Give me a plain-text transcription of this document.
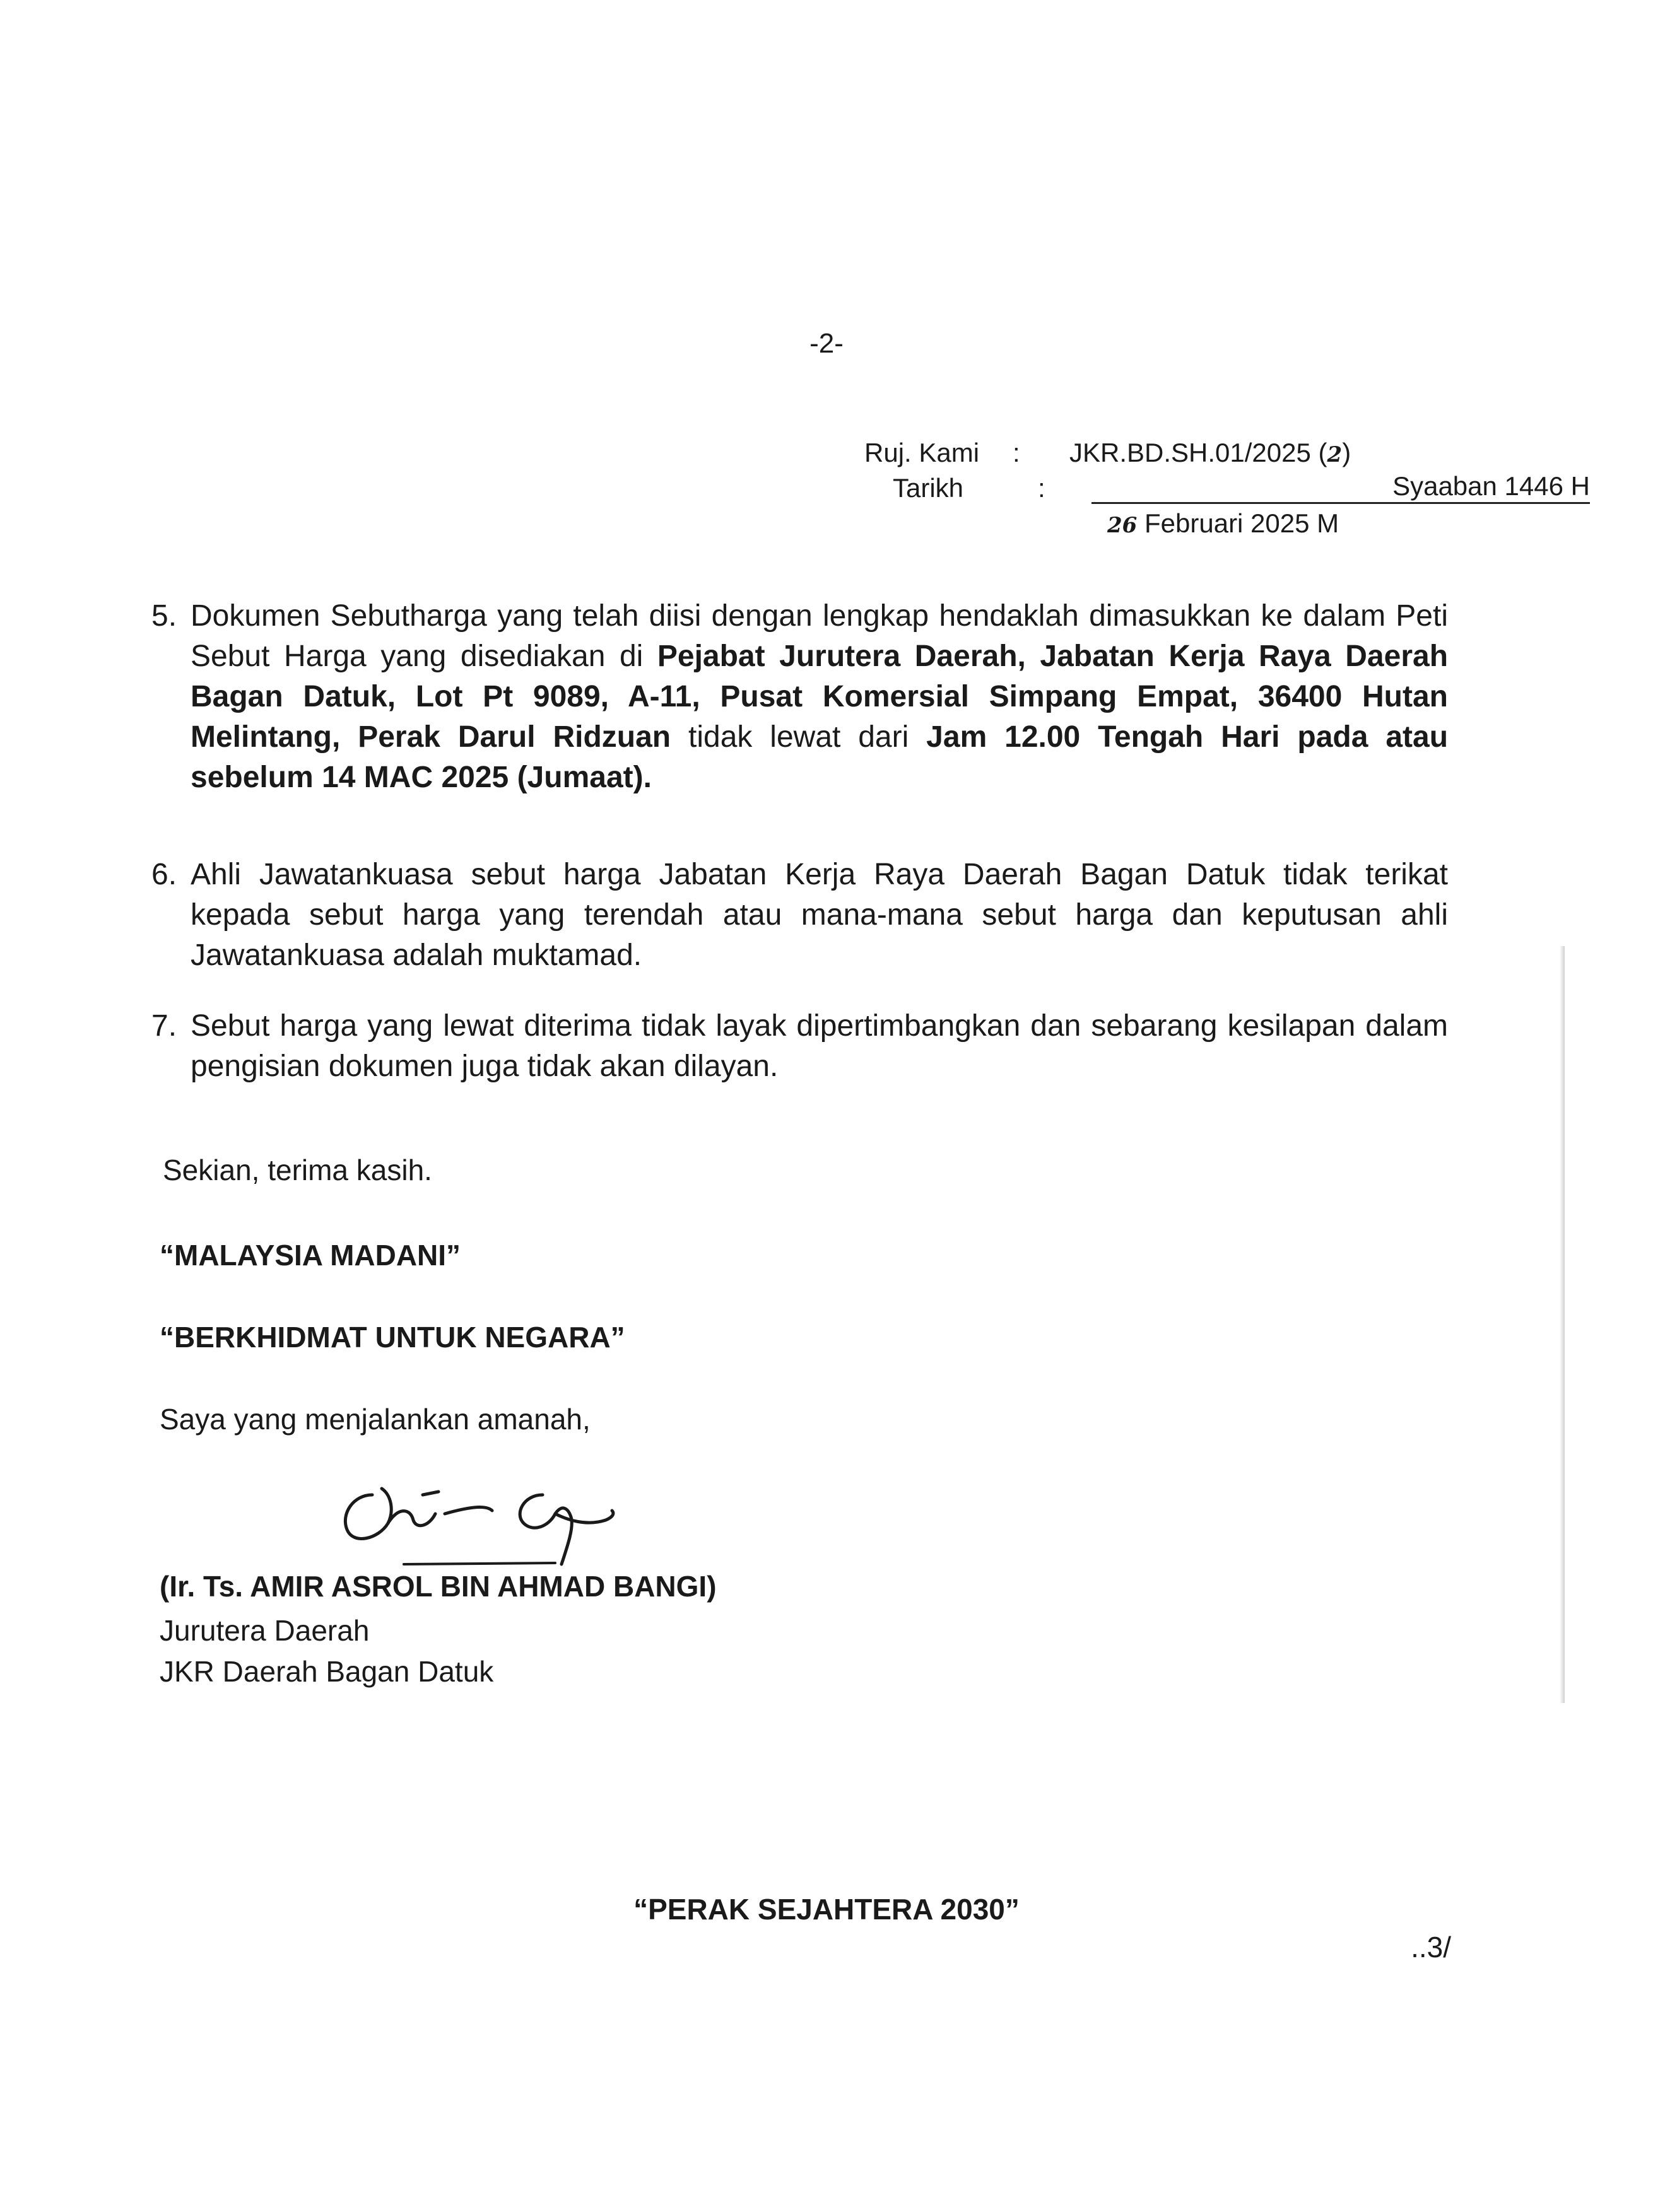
-2-
Ruj. Kami : JKR.BD.SH.01/2025 (2)
Tarikh	:	Syaaban 1446 H
26 Februari 2025 M
5. Dokumen Sebutharga yang telah diisi dengan lengkap hendaklah dimasukkan ke dalam Peti Sebut Harga yang disediakan di Pejabat Jurutera Daerah, Jabatan Kerja Raya Daerah Bagan Datuk, Lot Pt 9089, A-11, Pusat Komersial Simpang Empat, 36400 Hutan Melintang, Perak Darul Ridzuan tidak lewat dari Jam 12.00 Tengah Hari pada atau sebelum 14 MAC 2025 (Jumaat).
6. Ahli Jawatankuasa sebut harga Jabatan Kerja Raya Daerah Bagan Datuk tidak terikat kepada sebut harga yang terendah atau mana-mana sebut harga dan keputusan ahli Jawatankuasa adalah muktamad.
7. Sebut harga yang lewat diterima tidak layak dipertimbangkan dan sebarang kesilapan dalam pengisian dokumen juga tidak akan dilayan.
Sekian, terima kasih.
“MALAYSIA MADANI”
“BERKHIDMAT UNTUK NEGARA”
Saya yang menjalankan amanah,
(Ir. Ts. AMIR ASROL BIN AHMAD BANGI)
Jurutera Daerah
JKR Daerah Bagan Datuk
“PERAK SEJAHTERA 2030”
..3/
